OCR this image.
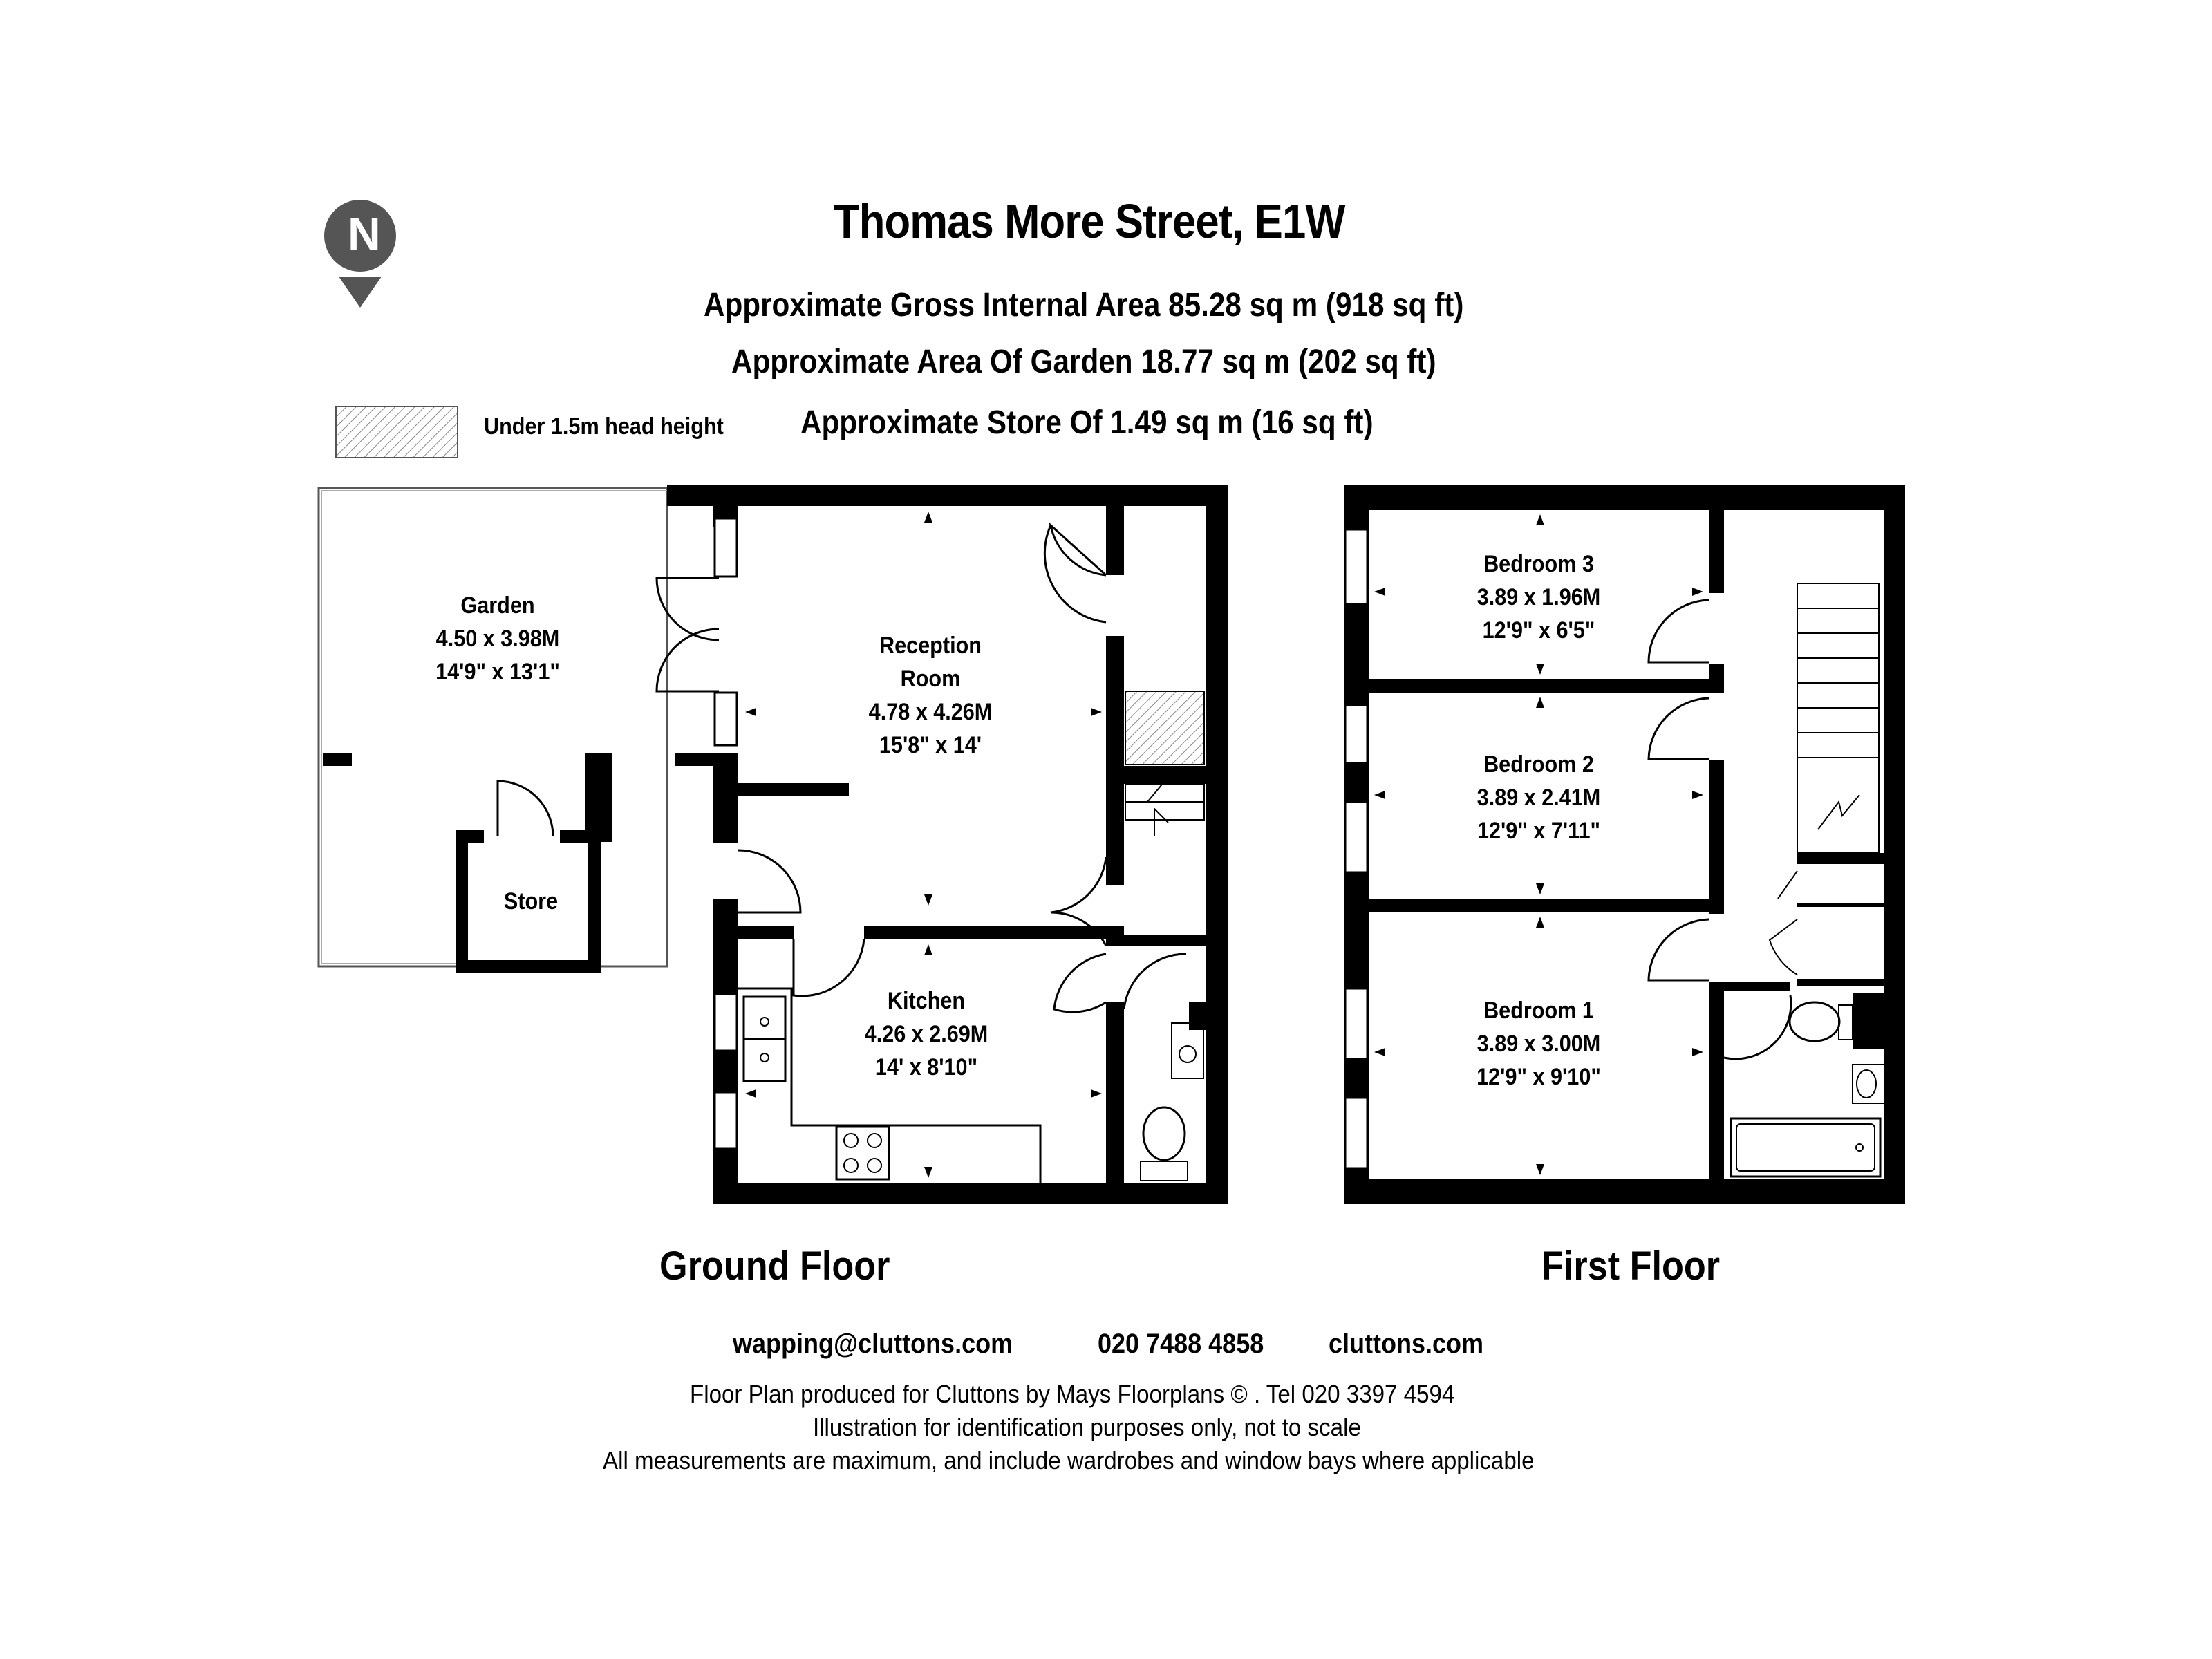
N	Thomas More Street, E1W
Approximate Gross Internal Area 85.28 sq m (918 sq ft)
Approximate Area Of Garden 18.77 sq m (202 sq ft)
Approximate Store Of 1.49 sq m (16 sq ft)
Under 1.5m head height
Garden
4.50 x 3.98M
14'9" x 13'1"
Store
Reception
Room
4.78 x 4.26M
15'8" x 14'
Kitchen
4.26 x 2.69M
14' x 8'10"
Bedroom 3
3.89 x 1.96M
12'9" x 6'5"
Bedroom 2
3.89 x 2.41M
12'9" x 7'11"
Bedroom 1
3.89 x 3.00M
12'9" x 9'10"
Ground Floor	First Floor
wapping@cluttons.com	020 7488 4858 cluttons.com
Floor Plan produced for Cluttons by Mays Floorplans © . Tel 020 3397 4594
Illustration for identification purposes only, not to scale
All measurements are maximum, and include wardrobes and window bays where applicable
